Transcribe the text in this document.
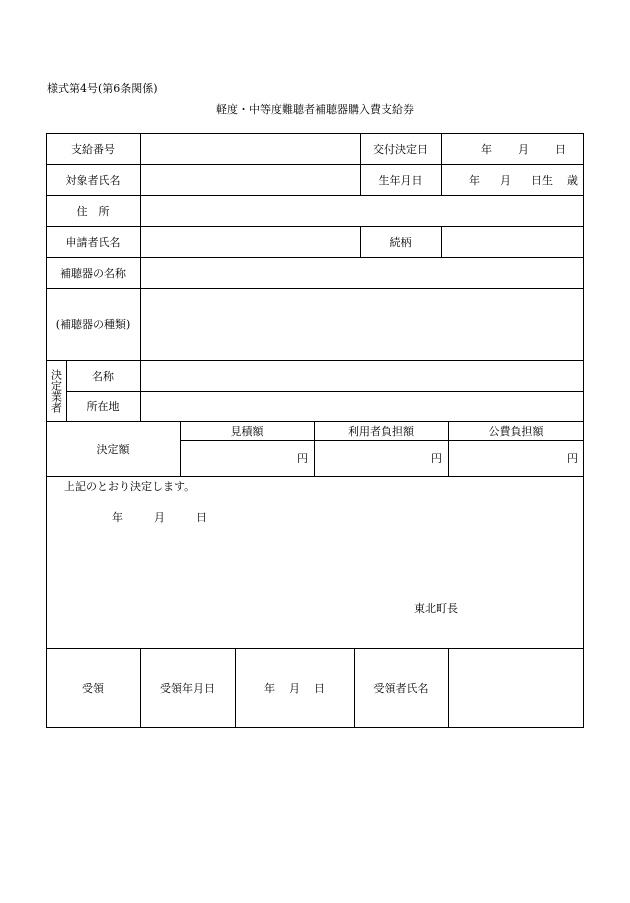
様式第4号(第6条関係)
軽度・中等度難聴者補聴器購入費支給券
支給番号	交付決定日	年 月 日
対象者氏名	生年月日	年 月 日生 歳
住　所
申請者氏名	続柄
補聴器の名称
(補聴器の種類)
決定業者	名称
所在地
決定額
見積額	利用者負担額	公費負担額
円	円	円
上記のとおり決定します。
年	月	日
東北町長
受領	受領年月日	年 月 日	受領者氏名
